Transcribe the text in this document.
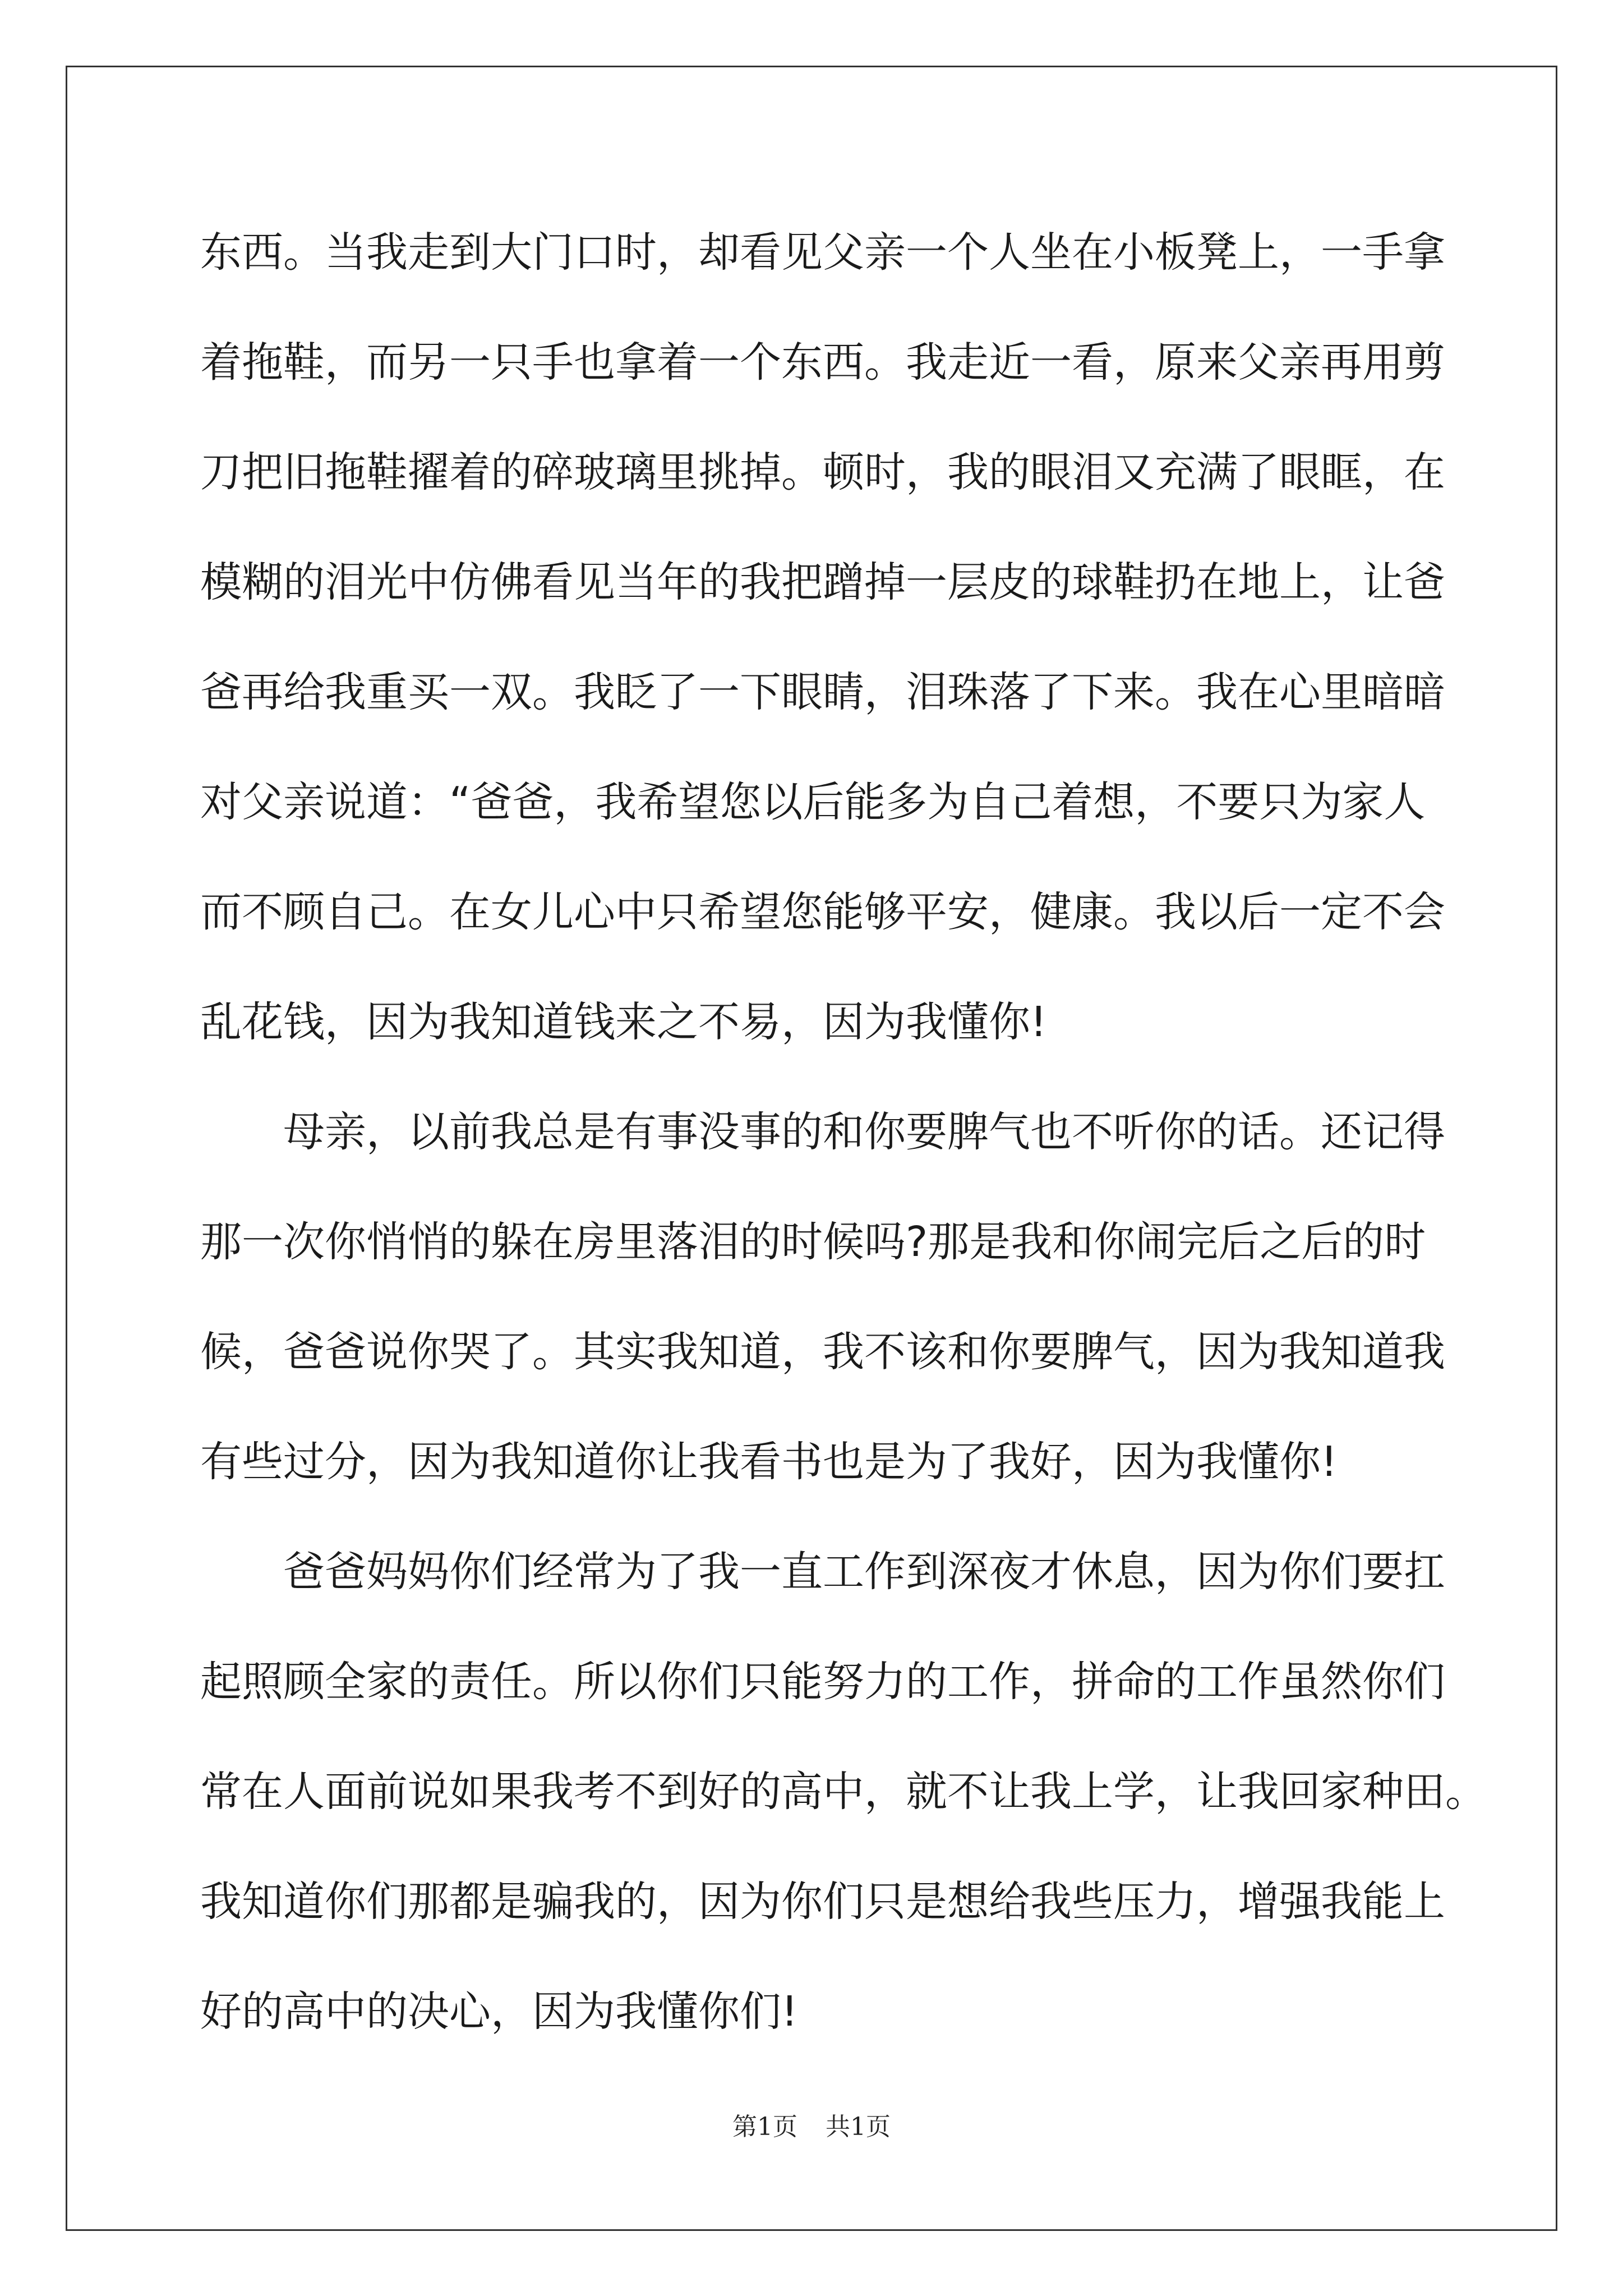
东西。当我走到大门口时，却看见父亲一个人坐在小板凳上，一手拿
着拖鞋，而另一只手也拿着一个东西。我走近一看，原来父亲再用剪
刀把旧拖鞋擢着的碎玻璃里挑掉。顿时，我的眼泪又充满了眼眶，在
模糊的泪光中仿佛看见当年的我把蹭掉一层皮的球鞋扔在地上，让爸
爸再给我重买一双。我眨了一下眼睛，泪珠落了下来。我在心里暗暗
对父亲说道：“爸爸，我希望您以后能多为自己着想，不要只为家人
而不顾自己。在女儿心中只希望您能够平安，健康。我以后一定不会
乱花钱，因为我知道钱来之不易，因为我懂你!
母亲，以前我总是有事没事的和你要脾气也不听你的话。还记得
那一次你悄悄的躲在房里落泪的时候吗?那是我和你闹完后之后的时
候，爸爸说你哭了。其实我知道，我不该和你要脾气，因为我知道我
有些过分，因为我知道你让我看书也是为了我好，因为我懂你!
爸爸妈妈你们经常为了我一直工作到深夜才休息，因为你们要扛
起照顾全家的责任。所以你们只能努力的工作，拼命的工作虽然你们
常在人面前说如果我考不到好的高中，就不让我上学，让我回家种田。
我知道你们那都是骗我的，因为你们只是想给我些压力，增强我能上
好的高中的决心，因为我懂你们!
第1页 共1页
